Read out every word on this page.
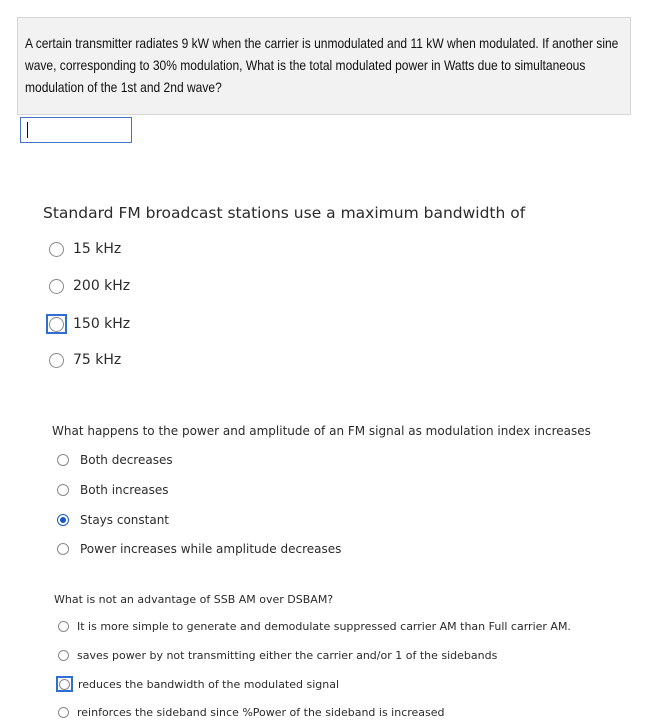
A certain transmitter radiates 9 kW when the carrier is unmodulated and 11 kW when modulated. If another sine wave, corresponding to 30% modulation, What is the total modulated power in Watts due to simultaneous modulation of the 1st and 2nd wave?
Standard FM broadcast stations use a maximum bandwidth of
15 kHz
200 kHz
150 kHz
75 kHz
What happens to the power and amplitude of an FM signal as modulation index increases
Both decreases
Both increases
Stays constant
Power increases while amplitude decreases
What is not an advantage of SSB AM over DSBAM?
It is more simple to generate and demodulate suppressed carrier AM than Full carrier AM.
saves power by not transmitting either the carrier and/or 1 of the sidebands
reduces the bandwidth of the modulated signal
reinforces the sideband since %Power of the sideband is increased
